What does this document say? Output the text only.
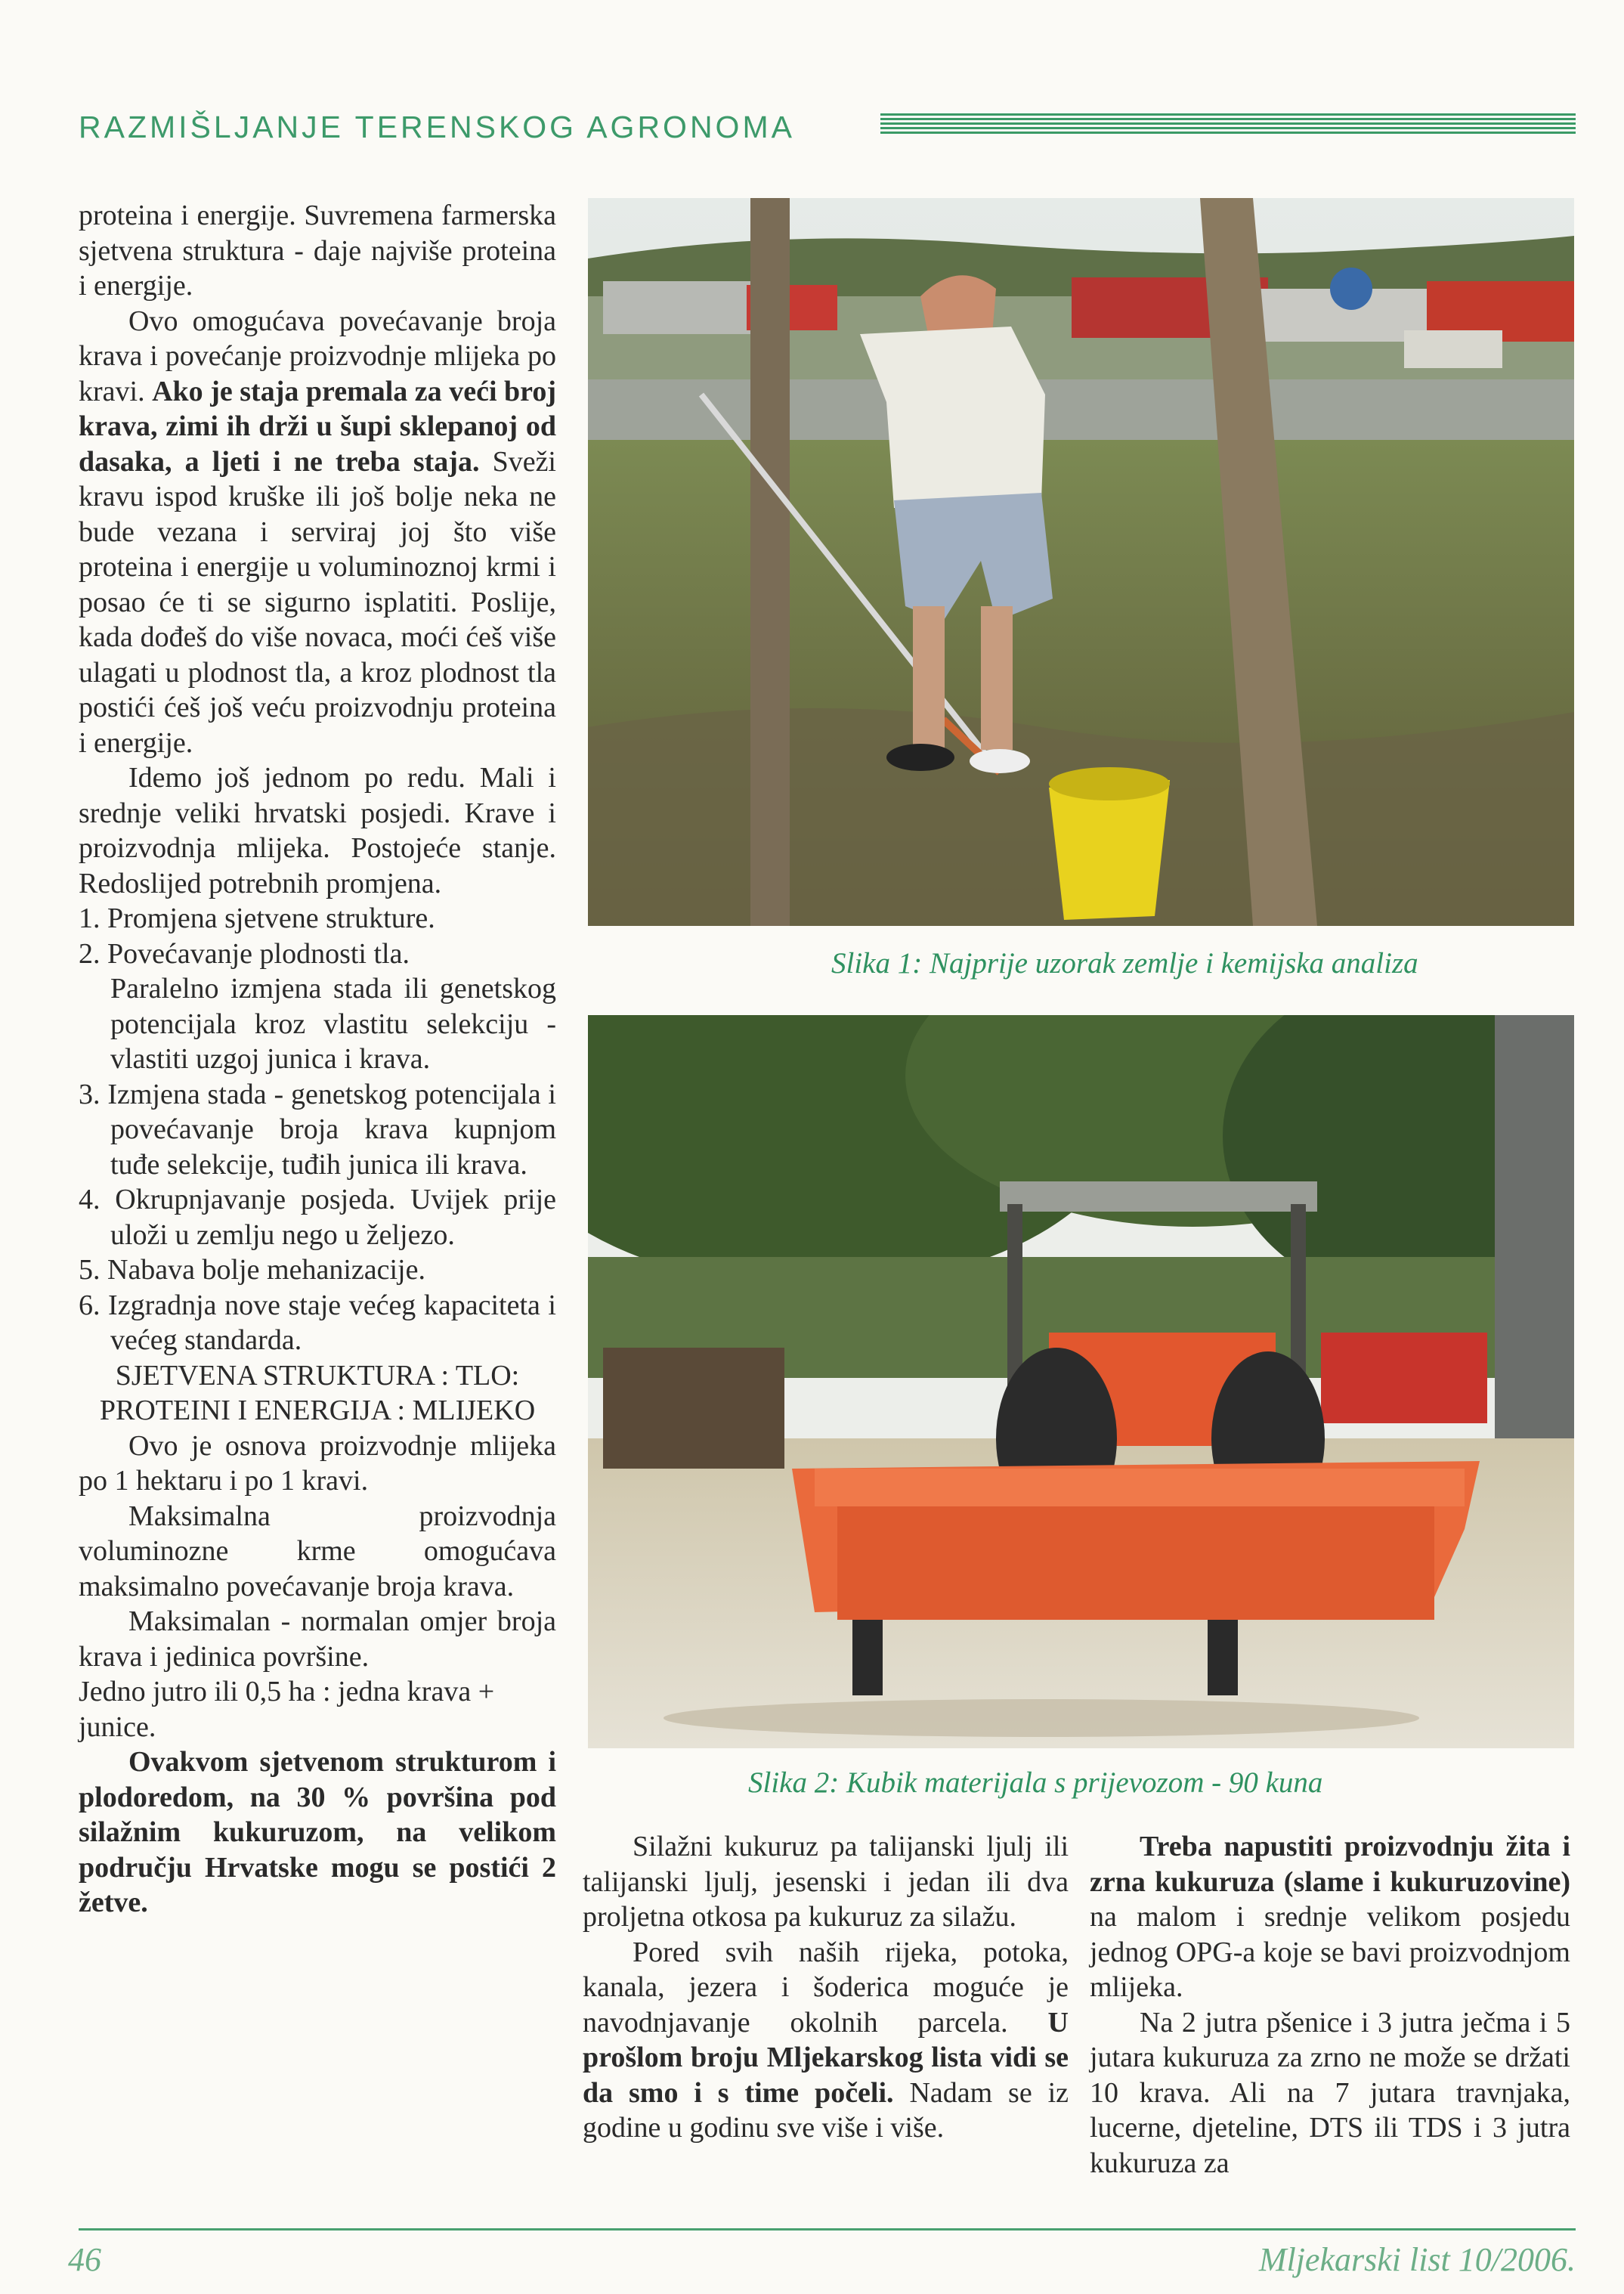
RAZMIŠLJANJE TERENSKOG AGRONOMA

proteina i energije. Suvremena farmerska sjetvena struktura - daje najviše proteina i energije.

Ovo omogućava povećavanje broja krava i povećanje proizvodnje mlijeka po kravi. Ako je staja premala za veći broj krava, zimi ih drži u šupi sklepanoj od dasaka, a ljeti i ne treba staja. Sveži kravu ispod kruške ili još bolje neka ne bude vezana i serviraj joj što više proteina i energije u voluminoznoj krmi i posao će ti se sigurno isplatiti. Poslije, kada dođeš do više novaca, moći ćeš više ulagati u plodnost tla, a kroz plodnost tla postići ćeš još veću proizvodnju proteina i energije.

Idemo još jednom po redu. Mali i srednje veliki hrvatski posjedi. Krave i proizvodnja mlijeka. Postojeće stanje. Redoslijed potrebnih promjena.

1. Promjena sjetvene strukture.

2. Povećavanje plodnosti tla.

Paralelno izmjena stada ili genetskog potencijala kroz vlastitu selekciju - vlastiti uzgoj junica i krava.

3. Izmjena stada - genetskog potencijala i povećavanje broja krava kupnjom tuđe selekcije, tuđih junica ili krava.

4. Okrupnjavanje posjeda. Uvijek prije uloži u zemlju nego u željezo.

5. Nabava bolje mehanizacije.

6. Izgradnja nove staje većeg kapaciteta i većeg standarda.

SJETVENA STRUKTURA : TLO:

PROTEINI I ENERGIJA : MLIJEKO

Ovo je osnova proizvodnje mlijeka po 1 hektaru i po 1 kravi.

Maksimalna proizvodnja voluminozne krme omogućava maksimalno povećavanje broja krava.

Maksimalan - normalan omjer broja krava i jedinica površine.

Jedno jutro ili 0,5 ha : jedna krava + junice.

Ovakvom sjetvenom strukturom i plodoredom, na 30 % površina pod silažnim kukuruzom, na velikom području Hrvatske mogu se postići 2 žetve.

Slika 1: Najprije uzorak zemlje i kemijska analiza
Slika 2: Kubik materijala s prijevozom - 90 kuna

Silažni kukuruz pa talijanski ljulj ili talijanski ljulj, jesenski i jedan ili dva proljetna otkosa pa kukuruz za silažu.

Pored svih naših rijeka, potoka, kanala, jezera i šoderica moguće je navodnjavanje okolnih parcela. U prošlom broju Mljekarskog lista vidi se da smo i s time počeli. Nadam se iz godine u godinu sve više i više.

Treba napustiti proizvodnju žita i zrna kukuruza (slame i kukuruzovine) na malom i srednje velikom posjedu jednog OPG-a koje se bavi proizvodnjom mlijeka.

Na 2 jutra pšenice i 3 jutra ječma i 5 jutara kukuruza za zrno ne može se držati 10 krava. Ali na 7 jutara travnjaka, lucerne, djeteline, DTS ili TDS i 3 jutra kukuruza za

46	Mljekarski list 10/2006.
